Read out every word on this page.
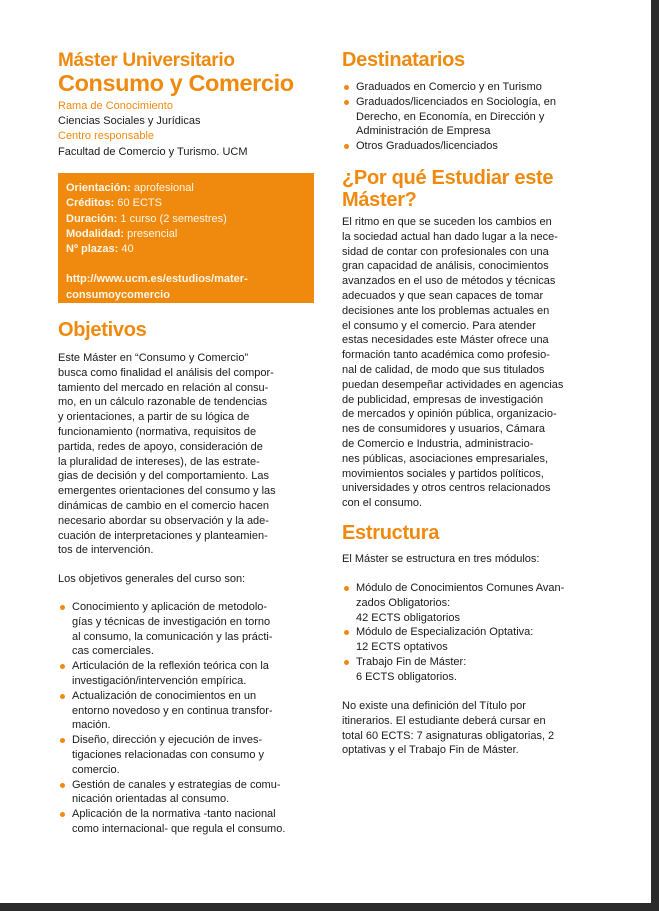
Máster Universitario
Consumo y Comercio
Rama de Conocimiento
Ciencias Sociales y Jurídicas
Centro responsable
Facultad de Comercio y Turismo. UCM
Orientación: aprofesional
Créditos: 60 ECTS
Duración: 1 curso (2 semestres)
Modalidad: presencial
Nº plazas: 40
http://www.ucm.es/estudios/mater-
consumoycomercio
Objetivos
Este Máster en “Consumo y Comercio”
busca como finalidad el análisis del compor-
tamiento del mercado en relación al consu-
mo, en un cálculo razonable de tendencias
y orientaciones, a partir de su lógica de
funcionamiento (normativa, requisitos de
partida, redes de apoyo, consideración de
la pluralidad de intereses), de las estrate-
gias de decisión y del comportamiento. Las
emergentes orientaciones del consumo y las
dinámicas de cambio en el comercio hacen
necesario abordar su observación y la ade-
cuación de interpretaciones y planteamien-
tos de intervención.
Los objetivos generales del curso son:
Conocimiento y aplicación de metodolo-
gías y técnicas de investigación en torno
al consumo, la comunicación y las prácti-
cas comerciales.
Articulación de la reflexión teórica con la
investigación/intervención empírica.
Actualización de conocimientos en un
entorno novedoso y en continua transfor-
mación.
Diseño, dirección y ejecución de inves-
tigaciones relacionadas con consumo y
comercio.
Gestión de canales y estrategias de comu-
nicación orientadas al consumo.
Aplicación de la normativa -tanto nacional
como internacional- que regula el consumo.
Destinatarios
Graduados en Comercio y en Turismo
Graduados/licenciados en Sociología, en
Derecho, en Economía, en Dirección y
Administración de Empresa
Otros Graduados/licenciados
¿Por qué Estudiar este
Máster?
El ritmo en que se suceden los cambios en
la sociedad actual han dado lugar a la nece-
sidad de contar con profesionales con una
gran capacidad de análisis, conocimientos
avanzados en el uso de métodos y técnicas
adecuados y que sean capaces de tomar
decisiones ante los problemas actuales en
el consumo y el comercio. Para atender
estas necesidades este Máster ofrece una
formación tanto académica como profesio-
nal de calidad, de modo que sus titulados
puedan desempeñar actividades en agencias
de publicidad, empresas de investigación
de mercados y opinión pública, organizacio-
nes de consumidores y usuarios, Cámara
de Comercio e Industria, administracio-
nes públicas, asociaciones empresariales,
movimientos sociales y partidos políticos,
universidades y otros centros relacionados
con el consumo.
Estructura
El Máster se estructura en tres módulos:
Módulo de Conocimientos Comunes Avan-
zados Obligatorios:
42 ECTS obligatorios
Módulo de Especialización Optativa:
12 ECTS optativos
Trabajo Fin de Máster:
6 ECTS obligatorios.
No existe una definición del Título por
itinerarios. El estudiante deberá cursar en
total 60 ECTS: 7 asignaturas obligatorias, 2
optativas y el Trabajo Fin de Máster.
